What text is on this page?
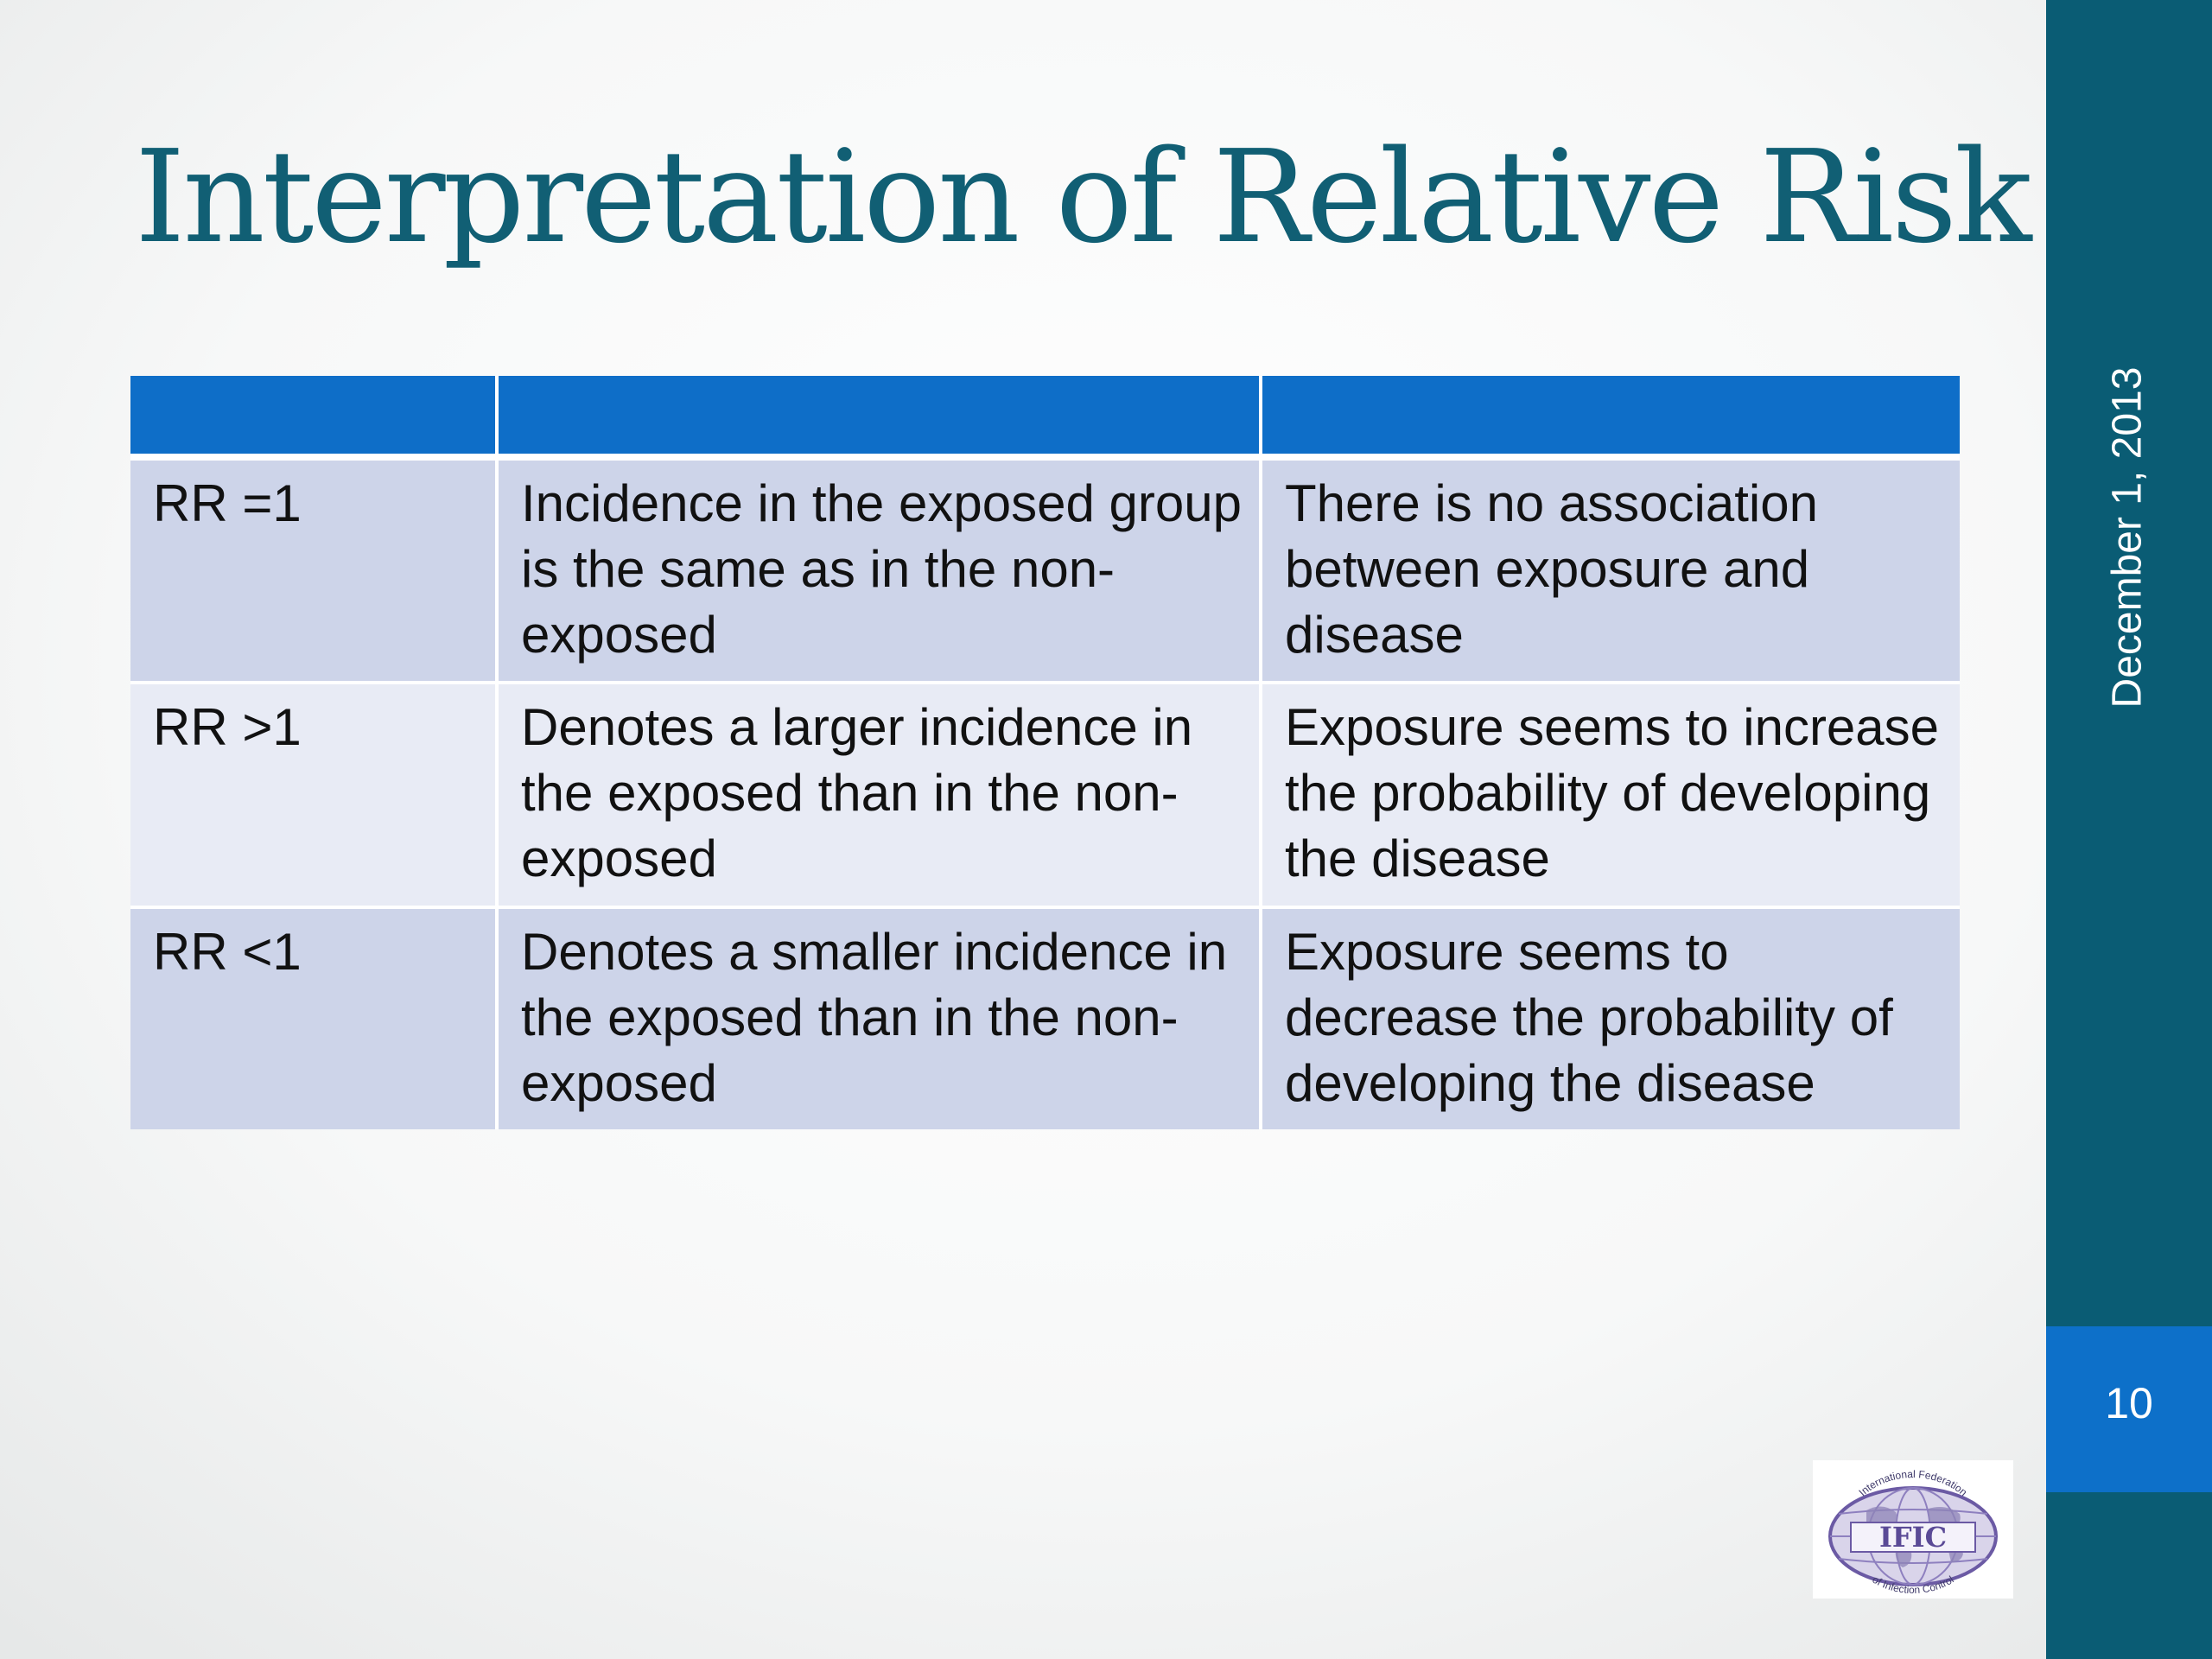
Interpretation of Relative Risk

RR =1	Incidence in the exposed group is the same as in the non-exposed	There is no association between exposure and disease
RR >1	Denotes a larger incidence in the exposed than in the non-exposed	Exposure seems to increase the probability of developing the disease
RR <1	Denotes a smaller incidence in the exposed than in the non-exposed	Exposure seems to decrease the probability of developing the disease
December 1, 2013
10
IFIC
International Federation
of Infection Control
